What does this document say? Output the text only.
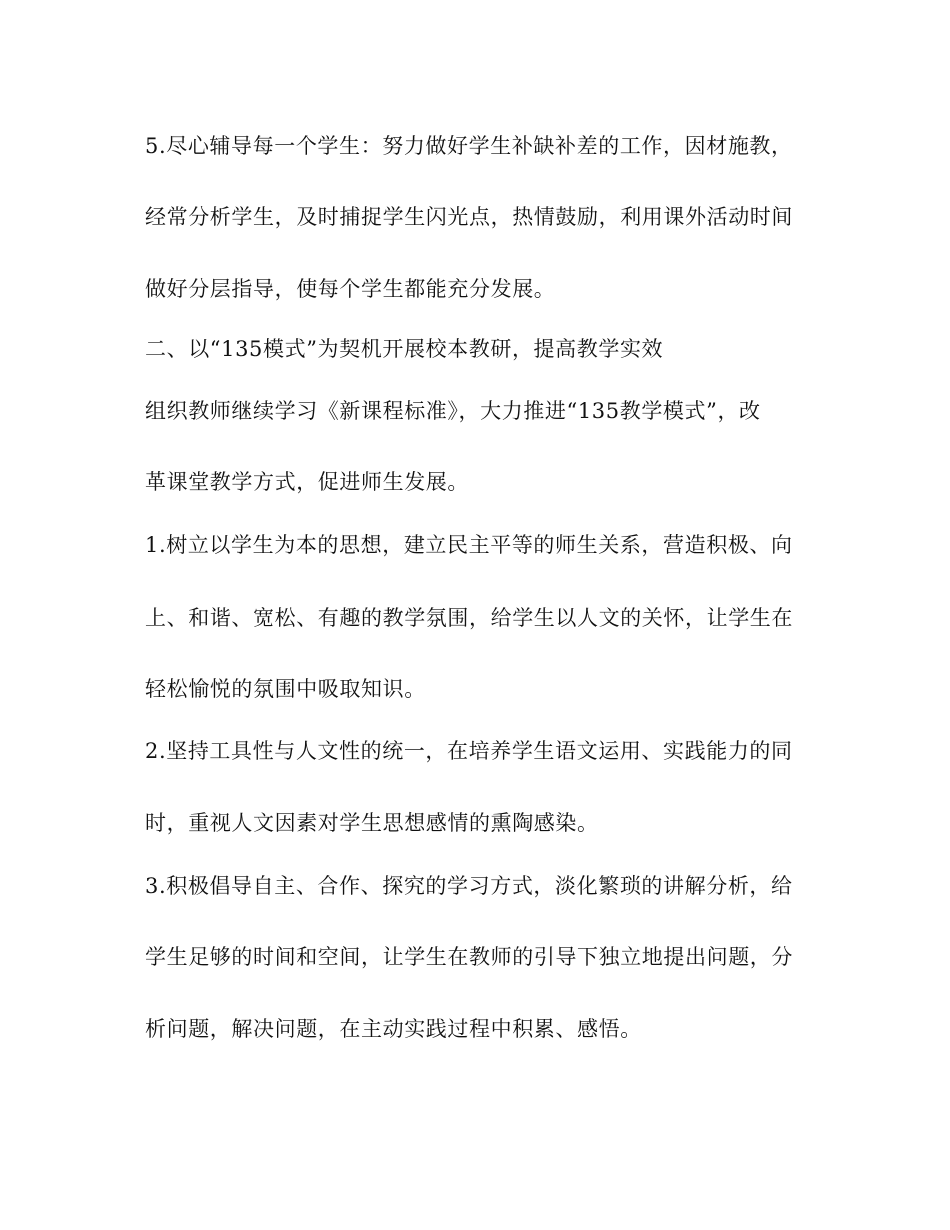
5.尽心辅导每一个学生：努力做好学生补缺补差的工作，因材施教，
经常分析学生，及时捕捉学生闪光点，热情鼓励，利用课外活动时间
做好分层指导，使每个学生都能充分发展。
二、以“135模式”为契机开展校本教研，提高教学实效
组织教师继续学习《新课程标准》，大力推进“135教学模式”，改
革课堂教学方式，促进师生发展。
1.树立以学生为本的思想，建立民主平等的师生关系，营造积极、向
上、和谐、宽松、有趣的教学氛围，给学生以人文的关怀，让学生在
轻松愉悦的氛围中吸取知识。
2.坚持工具性与人文性的统一，在培养学生语文运用、实践能力的同
时，重视人文因素对学生思想感情的熏陶感染。
3.积极倡导自主、合作、探究的学习方式，淡化繁琐的讲解分析，给
学生足够的时间和空间，让学生在教师的引导下独立地提出问题，分
析问题，解决问题，在主动实践过程中积累、感悟。
